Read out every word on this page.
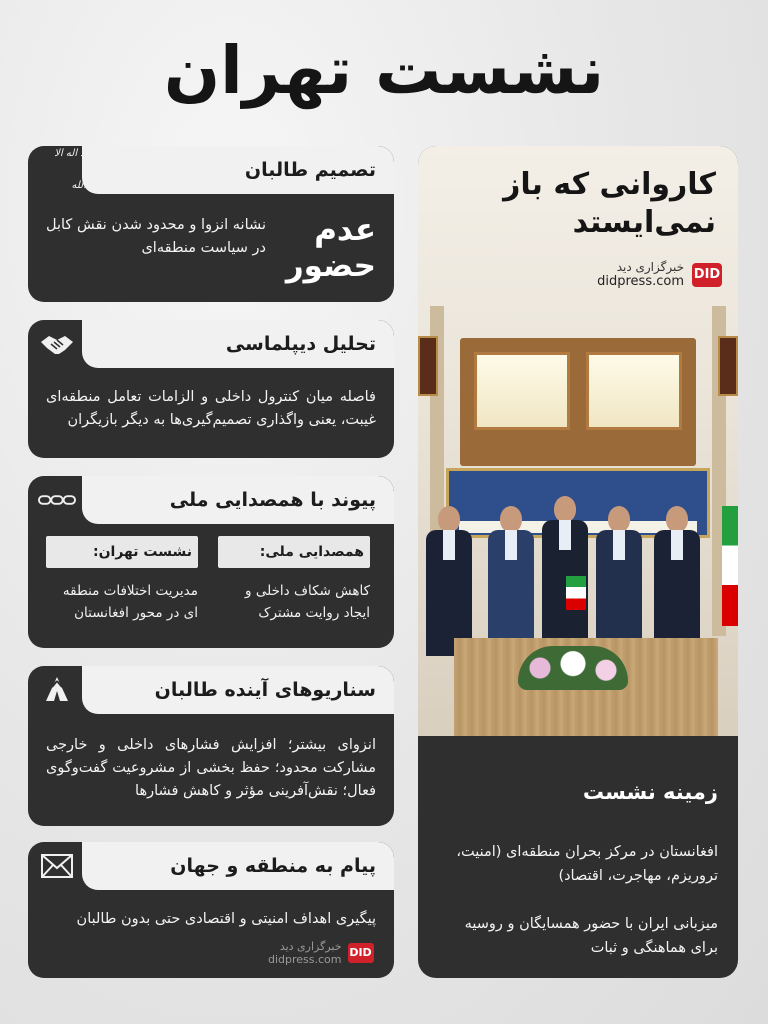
نشست تهران
تصمیم طالبان
لا اله الا الله
عدم
حضور
نشانه انزوا و محدود شدن نقش کابل در سیاست منطقه‌ای
تحلیل دیپلماسی
فاصله میان کنترول داخلی و الزامات تعامل منطقه‌ای غیبت، یعنی واگذاری تصمیم‌گیری‌ها به دیگر بازیگران
پیوند با همصدایی ملی
همصدایی ملی:
کاهش شکاف داخلی و ایجاد روایت مشترک
نشست تهران:
مدیریت اختلافات منطقه ای در محور افغانستان
سناریوهای آینده طالبان
انزوای بیشتر؛ افزایش فشارهای داخلی و خارجی مشارکت محدود؛ حفظ بخشی از مشروعیت گفت‌وگوی فعال؛ نقش‌آفرینی مؤثر و کاهش فشارها
پیام به منطقه و جهان
پیگیری اهداف امنیتی و اقتصادی حتی بدون طالبان
خبرگزاری دید
didpress.com
DID
کاروانی که باز نمی‌ایستد
خبرگزاری دید
didpress.com DID
زمینه نشست
افغانستان در مرکز بحران منطقه‌ای (امنیت، تروریزم، مهاجرت، اقتصاد)
میزبانی ایران با حضور همسایگان و روسیه برای هماهنگی و ثبات
